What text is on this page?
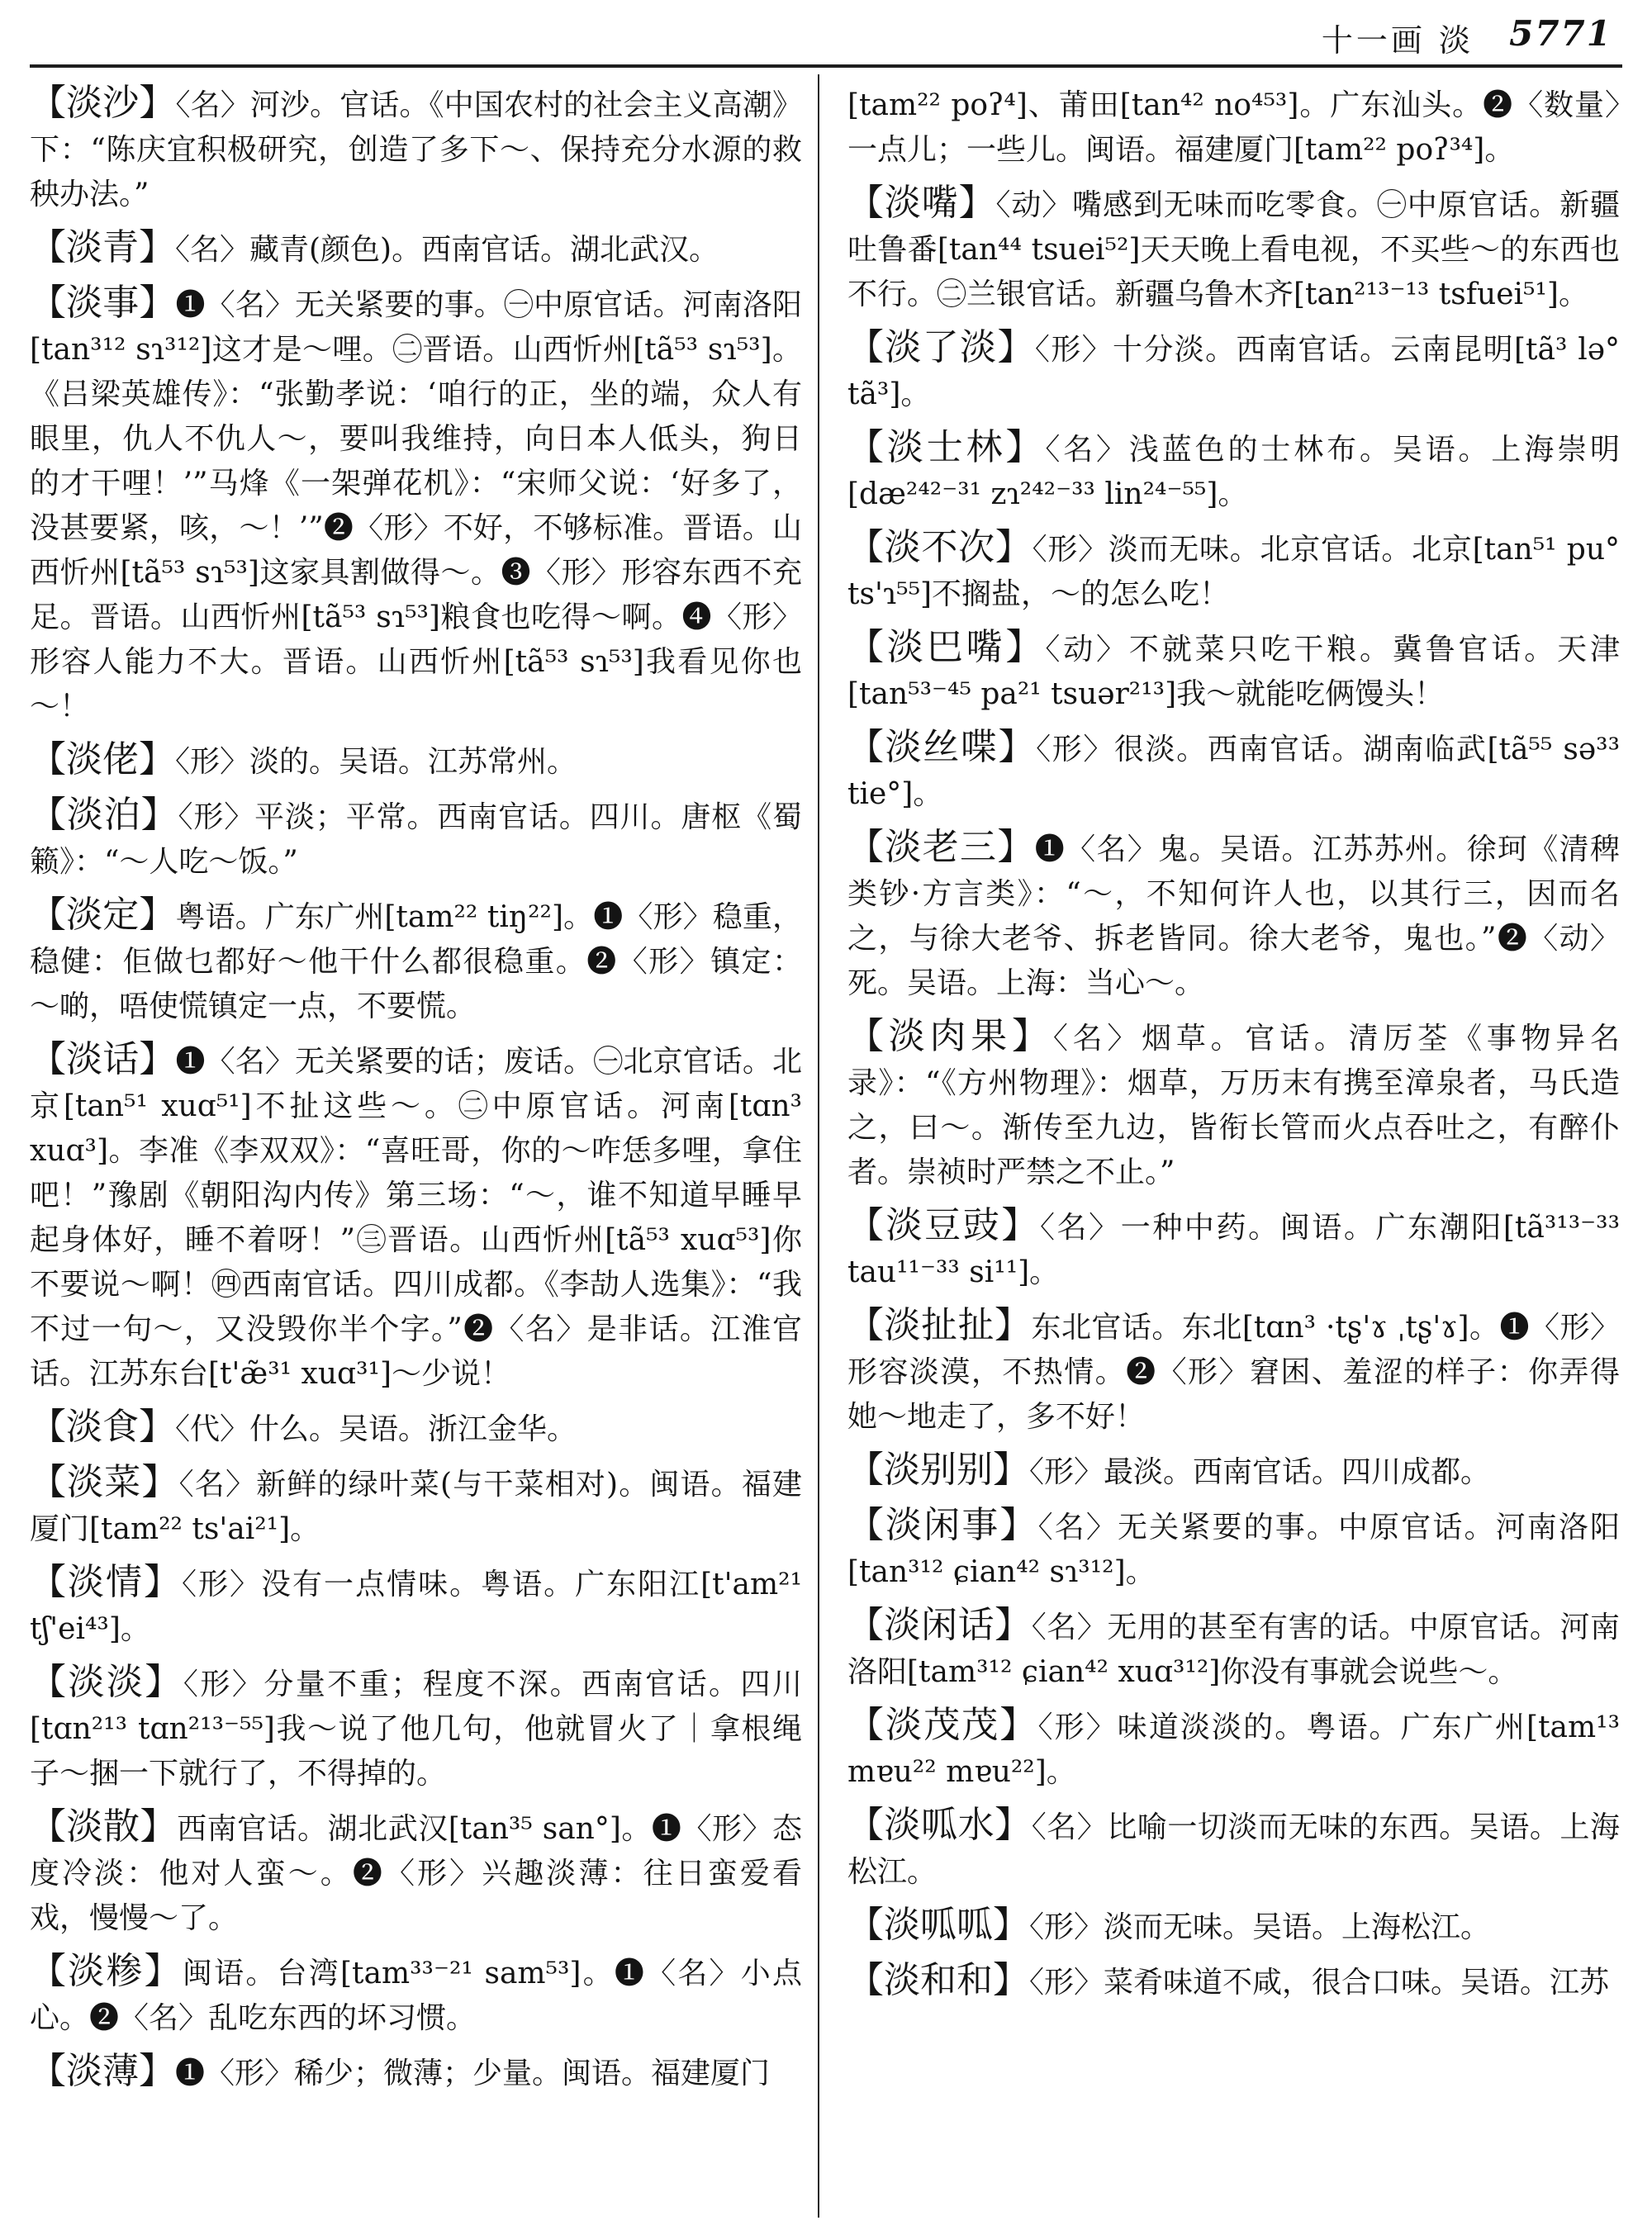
十一画 淡 5771

【淡沙】〈名〉河沙。官话。《中国农村的社会主义高潮》下：“陈庆宜积极研究，创造了多下～、保持充分水源的救秧办法。”

【淡青】〈名〉藏青(颜色)。西南官话。湖北武汉。

【淡事】❶〈名〉无关紧要的事。㊀中原官话。河南洛阳[tan³¹² sɿ³¹²]这才是～哩。㊁晋语。山西忻州[tã⁵³ sɿ⁵³]。《吕梁英雄传》：“张勤孝说：‘咱行的正，坐的端，众人有眼里，仇人不仇人～，要叫我维持，向日本人低头，狗日的才干哩！’”马烽《一架弹花机》：“宋师父说：‘好多了，没甚要紧，咳，～！’”❷〈形〉不好，不够标准。晋语。山西忻州[tã⁵³ sɿ⁵³]这家具割做得～。❸〈形〉形容东西不充足。晋语。山西忻州[tã⁵³ sɿ⁵³]粮食也吃得～啊。❹〈形〉形容人能力不大。晋语。山西忻州[tã⁵³ sɿ⁵³]我看见你也～！

【淡佬】〈形〉淡的。吴语。江苏常州。

【淡泊】〈形〉平淡；平常。西南官话。四川。唐枢《蜀籁》：“～人吃～饭。”

【淡定】粤语。广东广州[tam²² tiŋ²²]。❶〈形〉稳重，稳健：佢做乜都好～他干什么都很稳重。❷〈形〉镇定：～啲，唔使慌镇定一点，不要慌。

【淡话】❶〈名〉无关紧要的话；废话。㊀北京官话。北京[tan⁵¹ xuɑ⁵¹]不扯这些～。㊁中原官话。河南[tɑn³ xuɑ³]。李准《李双双》：“喜旺哥，你的～咋恁多哩，拿住吧！”豫剧《朝阳沟内传》第三场：“～，谁不知道早睡早起身体好，睡不着呀！”㊂晋语。山西忻州[tã⁵³ xuɑ⁵³]你不要说～啊！㊃西南官话。四川成都。《李劼人选集》：“我不过一句～，又没毁你半个字。”❷〈名〉是非话。江淮官话。江苏东台[t'æ̃³¹ xuɑ³¹]～少说！

【淡食】〈代〉什么。吴语。浙江金华。

【淡菜】〈名〉新鲜的绿叶菜(与干菜相对)。闽语。福建厦门[tam²² ts'ai²¹]。

【淡情】〈形〉没有一点情味。粤语。广东阳江[t'am²¹ tʃ'ei⁴³]。

【淡淡】〈形〉分量不重；程度不深。西南官话。四川[tɑn²¹³ tɑn²¹³⁻⁵⁵]我～说了他几句，他就冒火了｜拿根绳子～捆一下就行了，不得掉的。

【淡散】西南官话。湖北武汉[tan³⁵ san°]。❶〈形〉态度冷淡：他对人蛮～。❷〈形〉兴趣淡薄：往日蛮爱看戏，慢慢～了。

【淡糁】闽语。台湾[tam³³⁻²¹ sam⁵³]。❶〈名〉小点心。❷〈名〉乱吃东西的坏习惯。

【淡薄】❶〈形〉稀少；微薄；少量。闽语。福建厦门

[tam²² poʔ⁴]、莆田[tan⁴² no⁴⁵³]。广东汕头。❷〈数量〉一点儿；一些儿。闽语。福建厦门[tam²² poʔ³⁴]。

【淡嘴】〈动〉嘴感到无味而吃零食。㊀中原官话。新疆吐鲁番[tan⁴⁴ tsuei⁵²]天天晚上看电视，不买些～的东西也不行。㊁兰银官话。新疆乌鲁木齐[tan²¹³⁻¹³ tsfuei⁵¹]。

【淡了淡】〈形〉十分淡。西南官话。云南昆明[tã³ lə° tã³]。

【淡士林】〈名〉浅蓝色的士林布。吴语。上海崇明[dæ²⁴²⁻³¹ zɿ²⁴²⁻³³ lin²⁴⁻⁵⁵]。

【淡不次】〈形〉淡而无味。北京官话。北京[tan⁵¹ pu° ts'ɿ⁵⁵]不搁盐，～的怎么吃！

【淡巴嘴】〈动〉不就菜只吃干粮。冀鲁官话。天津[tan⁵³⁻⁴⁵ pa²¹ tsuər²¹³]我～就能吃俩馒头！

【淡丝喋】〈形〉很淡。西南官话。湖南临武[tã⁵⁵ sə³³ tie°]。

【淡老三】❶〈名〉鬼。吴语。江苏苏州。徐珂《清稗类钞·方言类》：“～，不知何许人也，以其行三，因而名之，与徐大老爷、拆老皆同。徐大老爷，鬼也。”❷〈动〉死。吴语。上海：当心～。

【淡肉果】〈名〉烟草。官话。清厉荃《事物异名录》：“《方州物理》：烟草，万历末有携至漳泉者，马氏造之，曰～。渐传至九边，皆衔长管而火点吞吐之，有醉仆者。崇祯时严禁之不止。”

【淡豆豉】〈名〉一种中药。闽语。广东潮阳[tã³¹³⁻³³ tau¹¹⁻³³ si¹¹]。

【淡扯扯】东北官话。东北[tɑn³ ·tʂ'ɤ ˌtʂ'ɤ]。❶〈形〉形容淡漠，不热情。❷〈形〉窘困、羞涩的样子：你弄得她～地走了，多不好！

【淡别别】〈形〉最淡。西南官话。四川成都。

【淡闲事】〈名〉无关紧要的事。中原官话。河南洛阳[tan³¹² ɕian⁴² sɿ³¹²]。

【淡闲话】〈名〉无用的甚至有害的话。中原官话。河南洛阳[tam³¹² ɕian⁴² xuɑ³¹²]你没有事就会说些～。

【淡茂茂】〈形〉味道淡淡的。粤语。广东广州[tam¹³ mɐu²² mɐu²²]。

【淡呱水】〈名〉比喻一切淡而无味的东西。吴语。上海松江。

【淡呱呱】〈形〉淡而无味。吴语。上海松江。

【淡和和】〈形〉菜肴味道不咸，很合口味。吴语。江苏
